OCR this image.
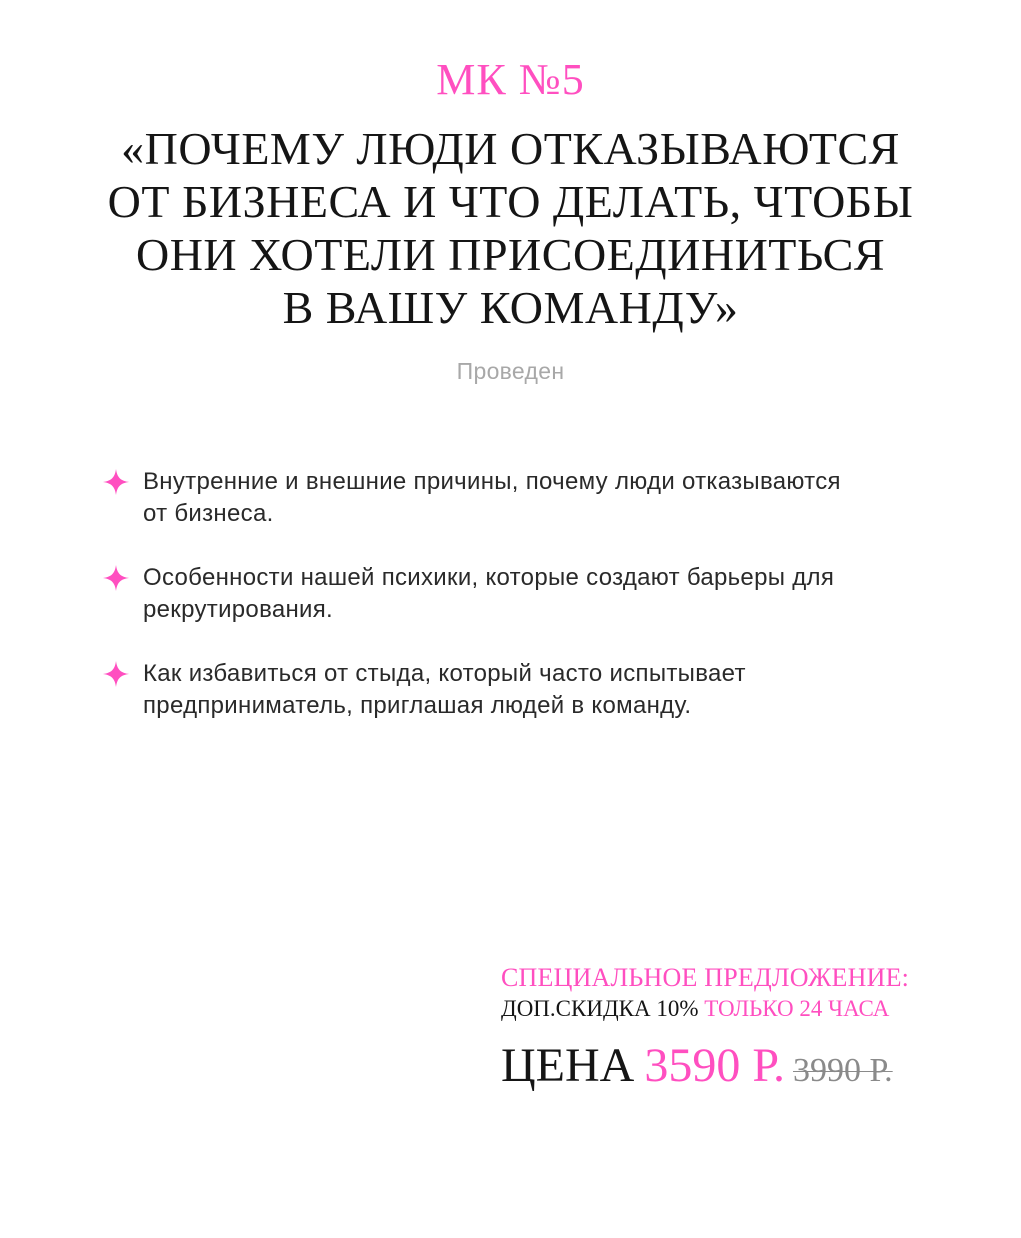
МК №5
«ПОЧЕМУ ЛЮДИ ОТКАЗЫВАЮТСЯ
ОТ БИЗНЕСА И ЧТО ДЕЛАТЬ, ЧТОБЫ
ОНИ ХОТЕЛИ ПРИСОЕДИНИТЬСЯ
В ВАШУ КОМАНДУ»
Проведен
Внутренние и внешние причины, почему люди отказываются от бизнеса.
Особенности нашей психики, которые создают барьеры для рекрутирования.
Как избавиться от стыда, который часто испытывает предприниматель, приглашая людей в команду.
СПЕЦИАЛЬНОЕ ПРЕДЛОЖЕНИЕ:
ДОП.СКИДКА 10% ТОЛЬКО 24 ЧАСА
ЦЕНА 3590 Р. 3990 Р.
